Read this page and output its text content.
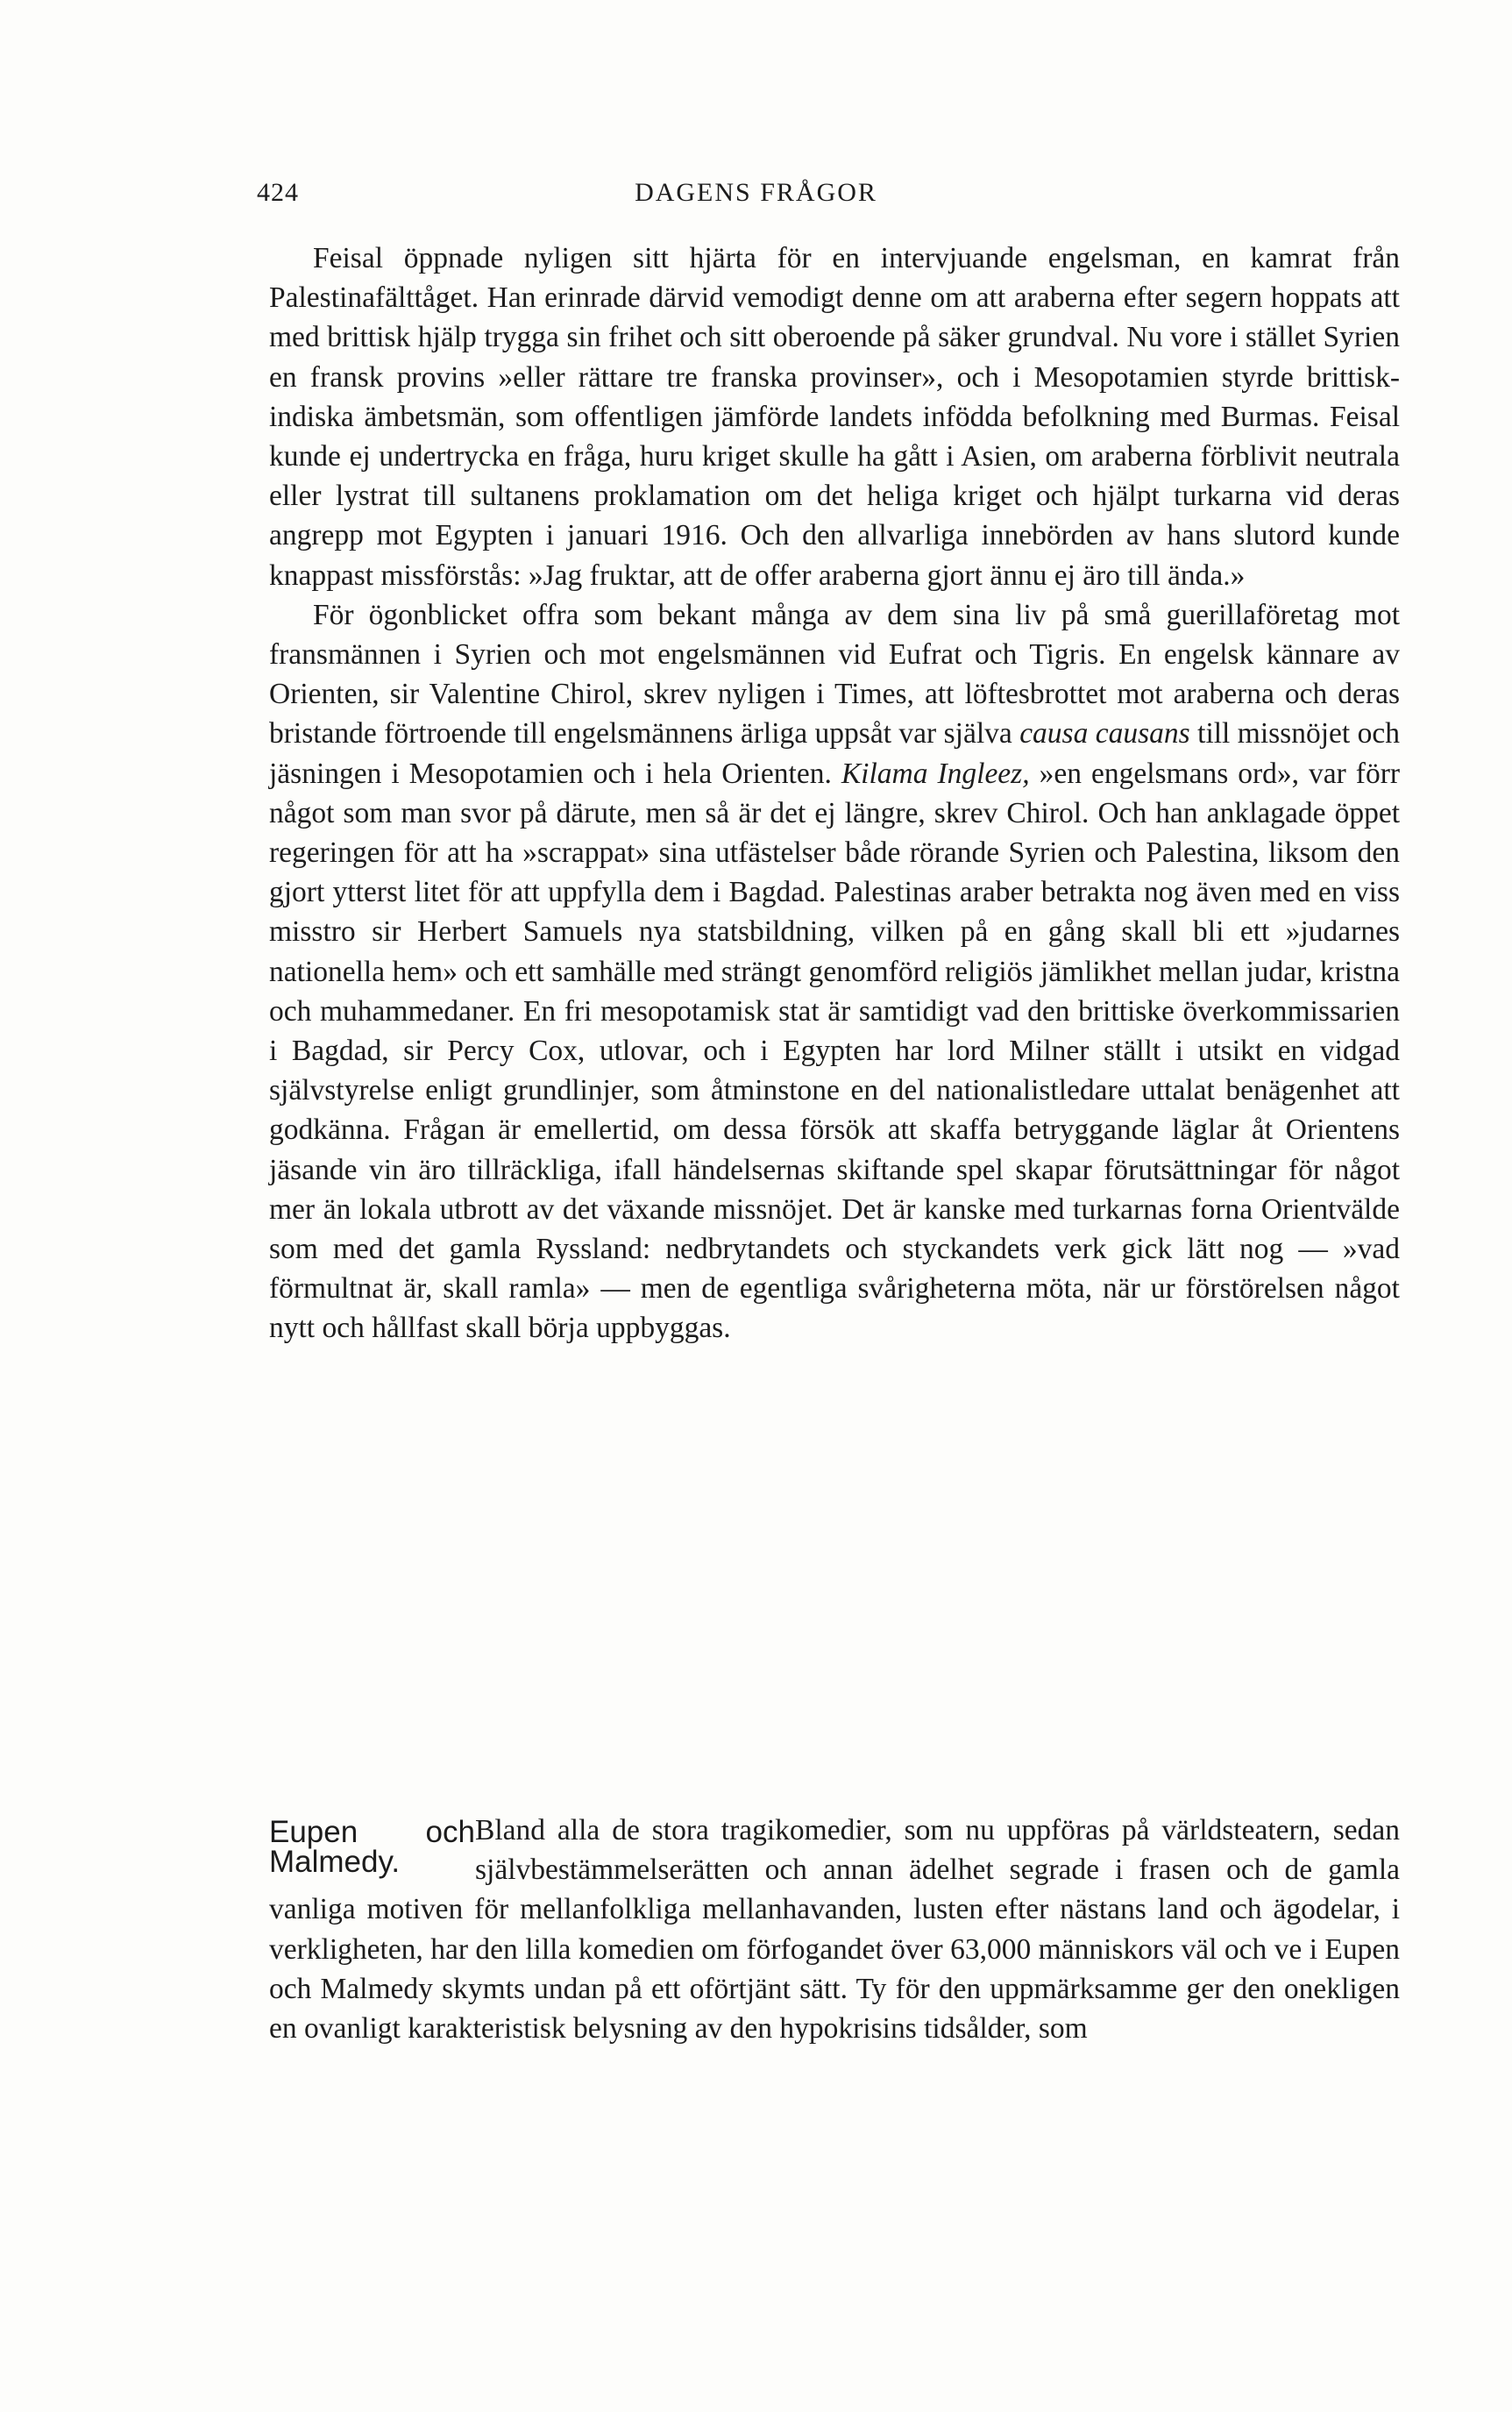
424	DAGENS FRÅGOR

Feisal öppnade nyligen sitt hjärta för en intervjuande engelsman, en kamrat från Palestinafälttåget. Han erinrade därvid vemodigt denne om att araberna efter segern hoppats att med brittisk hjälp trygga sin frihet och sitt oberoende på säker grundval. Nu vore i stället Syrien en fransk provins »eller rättare tre franska provinser», och i Mesopotamien styrde brittisk-indiska ämbetsmän, som offentligen jämförde landets infödda befolkning med Burmas. Feisal kunde ej undertrycka en fråga, huru kriget skulle ha gått i Asien, om araberna förblivit neutrala eller lystrat till sultanens proklamation om det heliga kriget och hjälpt turkarna vid deras angrepp mot Egypten i januari 1916. Och den allvarliga innebörden av hans slutord kunde knappast missförstås: »Jag fruktar, att de offer araberna gjort ännu ej äro till ända.»

För ögonblicket offra som bekant många av dem sina liv på små guerillaföretag mot fransmännen i Syrien och mot engelsmännen vid Eufrat och Tigris. En engelsk kännare av Orienten, sir Valentine Chirol, skrev nyligen i Times, att löftesbrottet mot araberna och deras bristande förtroende till engelsmännens ärliga uppsåt var själva causa causans till missnöjet och jäsningen i Mesopotamien och i hela Orienten. Kilama Ingleez, »en engelsmans ord», var förr något som man svor på därute, men så är det ej längre, skrev Chirol. Och han anklagade öppet regeringen för att ha »scrappat» sina utfästelser både rörande Syrien och Palestina, liksom den gjort ytterst litet för att uppfylla dem i Bagdad. Palestinas araber betrakta nog även med en viss misstro sir Herbert Samuels nya statsbildning, vilken på en gång skall bli ett »judarnes nationella hem» och ett samhälle med strängt genomförd religiös jämlikhet mellan judar, kristna och muhammedaner. En fri mesopotamisk stat är samtidigt vad den brittiske överkommissarien i Bagdad, sir Percy Cox, utlovar, och i Egypten har lord Milner ställt i utsikt en vidgad självstyrelse enligt grundlinjer, som åtminstone en del nationalistledare uttalat benägenhet att godkänna. Frågan är emellertid, om dessa försök att skaffa betryggande läglar åt Orientens jäsande vin äro tillräckliga, ifall händelsernas skiftande spel skapar förutsättningar för något mer än lokala utbrott av det växande missnöjet. Det är kanske med turkarnas forna Orientvälde som med det gamla Ryssland: nedbrytandets och styckandets verk gick lätt nog — »vad förmultnat är, skall ramla» — men de egentliga svårigheterna möta, när ur förstörelsen något nytt och hållfast skall börja uppbyggas.

Eupen och Malmedy.

Bland alla de stora tragikomedier, som nu uppföras på världsteatern, sedan självbestämmelserätten och annan ädelhet segrade i frasen och de gamla vanliga motiven för mellanfolkliga mellanhavanden, lusten efter nästans land och ägodelar, i verkligheten, har den lilla komedien om förfogandet över 63,000 människors väl och ve i Eupen och Malmedy skymts undan på ett oförtjänt sätt. Ty för den uppmärksamme ger den onekligen en ovanligt karakteristisk belysning av den hypokrisins tidsålder, som
